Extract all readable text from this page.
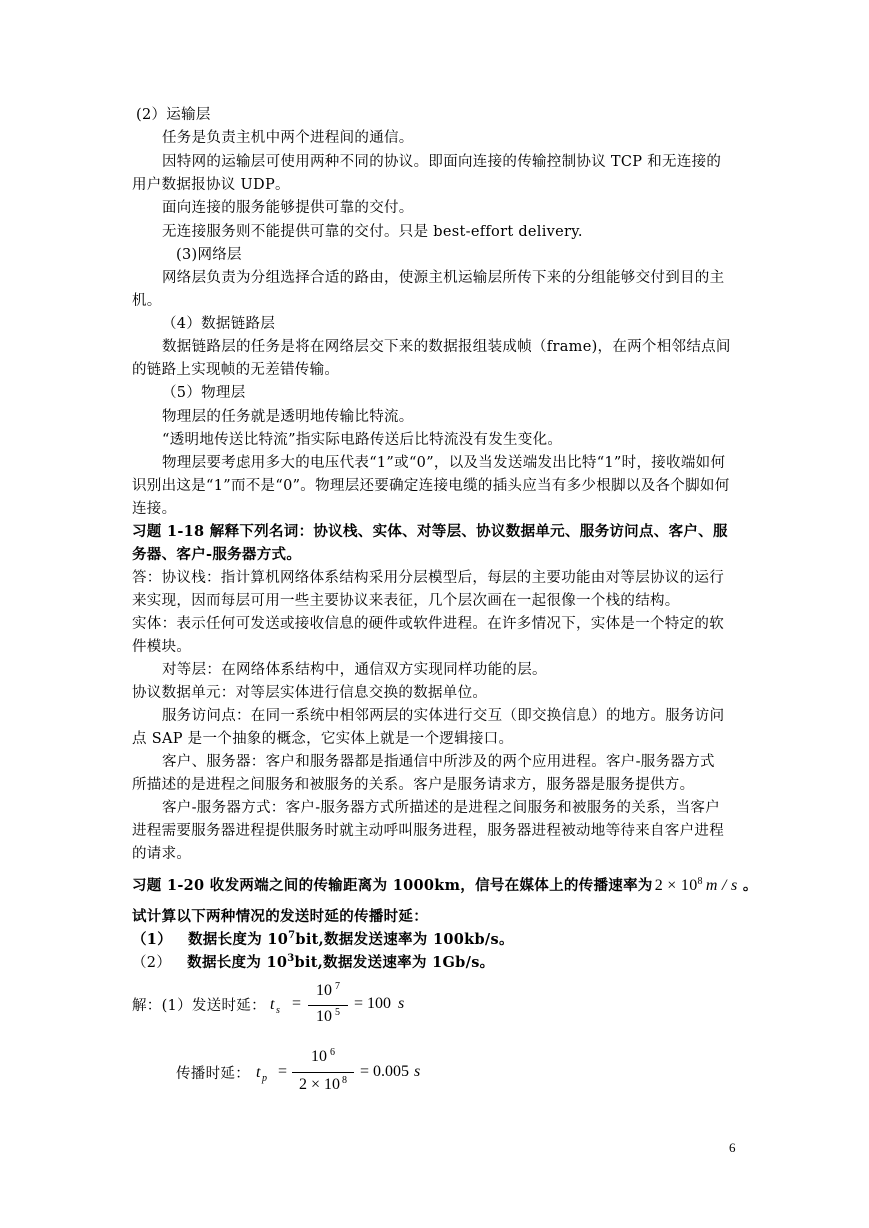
(2）运输层
任务是负责主机中两个进程间的通信。
因特网的运输层可使用两种不同的协议。即面向连接的传输控制协议 TCP 和无连接的
用户数据报协议 UDP。
面向连接的服务能够提供可靠的交付。
无连接服务则不能提供可靠的交付。只是 best-effort delivery.
(3)网络层
网络层负责为分组选择合适的路由，使源主机运输层所传下来的分组能够交付到目的主
机。
（4）数据链路层
数据链路层的任务是将在网络层交下来的数据报组装成帧（frame)，在两个相邻结点间
的链路上实现帧的无差错传输。
（5）物理层
物理层的任务就是透明地传输比特流。
“透明地传送比特流”指实际电路传送后比特流没有发生变化。
物理层要考虑用多大的电压代表“1”或“0”，以及当发送端发出比特“1”时，接收端如何
识别出这是“1”而不是“0”。物理层还要确定连接电缆的插头应当有多少根脚以及各个脚如何
连接。
习题 1-18 解释下列名词：协议栈、实体、对等层、协议数据单元、服务访问点、客户、服
务器、客户-服务器方式。
答：协议栈：指计算机网络体系结构采用分层模型后，每层的主要功能由对等层协议的运行
来实现，因而每层可用一些主要协议来表征，几个层次画在一起很像一个栈的结构。
实体：表示任何可发送或接收信息的硬件或软件进程。在许多情况下，实体是一个特定的软
件模块。
对等层：在网络体系结构中，通信双方实现同样功能的层。
协议数据单元：对等层实体进行信息交换的数据单位。
服务访问点：在同一系统中相邻两层的实体进行交互（即交换信息）的地方。服务访问
点 SAP 是一个抽象的概念，它实体上就是一个逻辑接口。
客户、服务器：客户和服务器都是指通信中所涉及的两个应用进程。客户-服务器方式
所描述的是进程之间服务和被服务的关系。客户是服务请求方，服务器是服务提供方。
客户-服务器方式：客户-服务器方式所描述的是进程之间服务和被服务的关系，当客户
进程需要服务器进程提供服务时就主动呼叫服务进程，服务器进程被动地等待来自客户进程
的请求。
习题 1-20 收发两端之间的传输距离为 1000km，信号在媒体上的传播速率为 $2 \times 10^8$ m / s 。
试计算以下两种情况的发送时延的传播时延：
（1） 数据长度为 $10^7bit$,数据发送速率为 100kb/s。
（2） 数据长度为 $10^3bit$,数据发送速率为 1Gb/s。
解：(1）发送时延： t s =
10 $^7$
10 $^5$
= 100 s
传播时延： t p =
10 $^6$
2 × 10 $^8$
= 0.005 s
6
